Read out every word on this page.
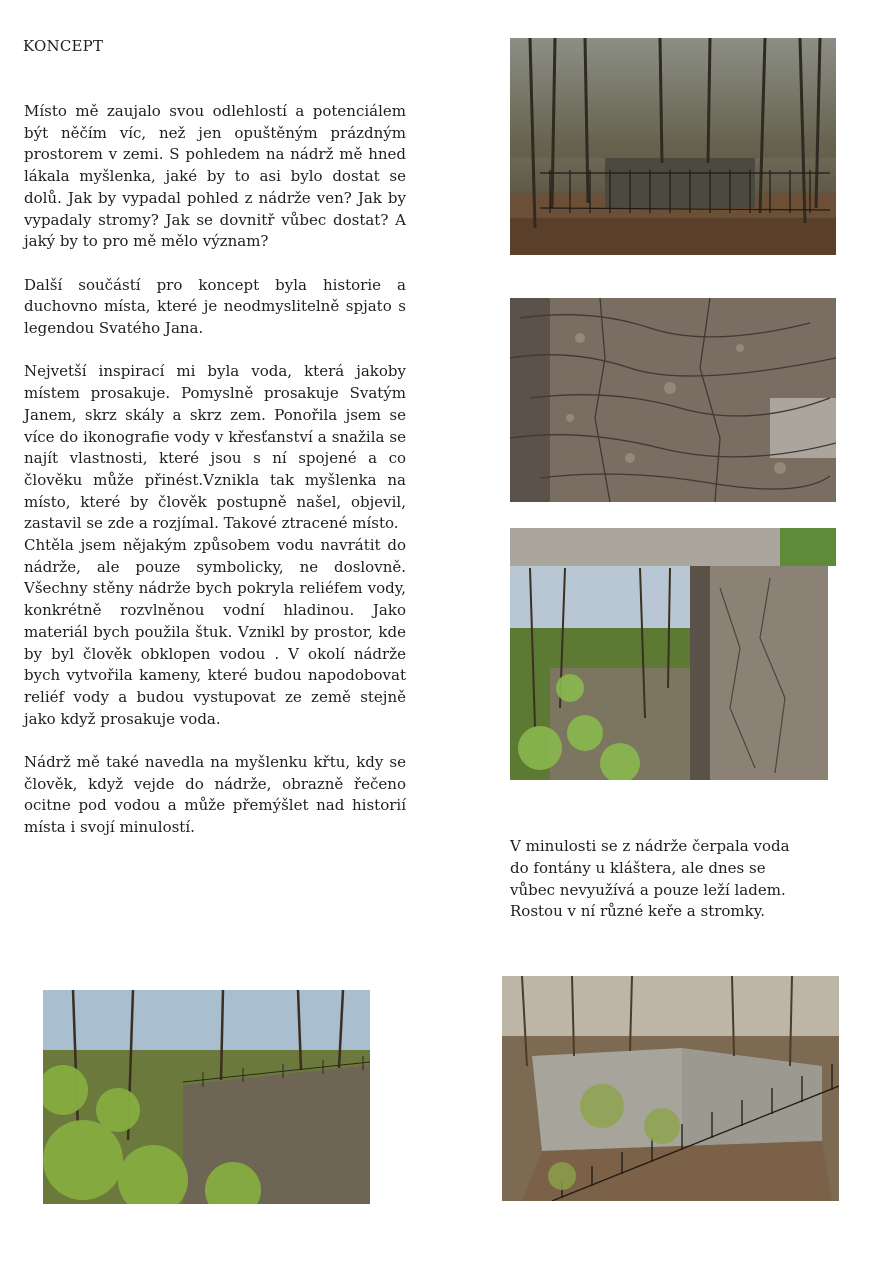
KONCEPT

Místo mě zaujalo svou odlehlostí a potenciálem být něčím víc, než jen opuštěným prázdným prostorem v zemi. S pohledem na nádrž mě hned lákala myšlenka, jaké by to asi bylo dostat se dolů. Jak by vypadal pohled z nádrže ven? Jak by vypadaly stromy? Jak se dovnitř vůbec dostat? A jaký by to pro mě mělo význam?

Další součástí pro koncept byla historie a duchovno místa, které je neodmyslitelně spjato s legendou Svatého Jana.

Nejvetší inspirací mi byla voda, která jakoby místem prosakuje. Pomyslně prosakuje Svatým Janem, skrz skály a skrz zem. Ponořila jsem se více do ikonografie vody v křesťanství a snažila se najít vlastnosti, které jsou s ní spojené a co člověku může přinést.Vznikla tak myšlenka na místo, které by člověk postupně našel, objevil, zastavil se zde a rozjímal. Takové ztracené místo.

Chtěla jsem nějakým způsobem vodu navrátit do nádrže, ale pouze symbolicky, ne doslovně. Všechny stěny nádrže bych pokryla reliéfem vody, konkrétně rozvlněnou vodní hladinou. Jako materiál bych použila štuk. Vznikl by prostor, kde by byl člověk obklopen vodou . V okolí nádrže bych vytvořila kameny, které budou napodobovat reliéf vody a budou vystupovat ze země stejně jako když prosakuje voda.

Nádrž mě také navedla na myšlenku křtu, kdy se člověk, když vejde do nádrže, obrazně řečeno ocitne pod vodou a může přemýšlet nad historií místa i svojí minulostí.

V minulosti se z nádrže čerpala voda do fontány u kláštera, ale dnes se vůbec nevyužívá a pouze leží ladem. Rostou v ní různé keře a stromky.
